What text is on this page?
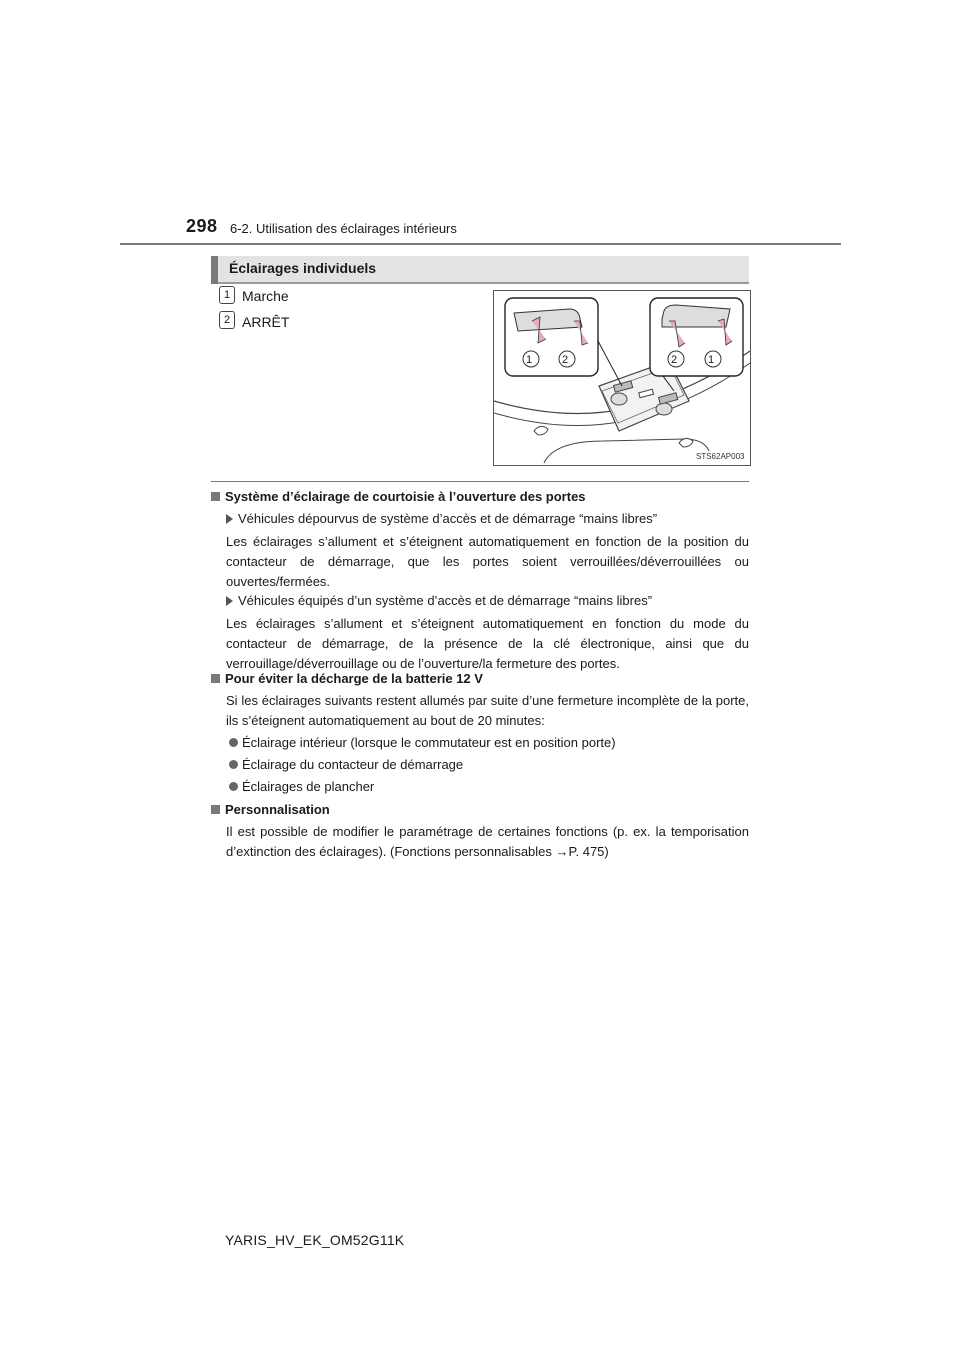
298 6-2. Utilisation des éclairages intérieurs
Éclairages individuels
1 Marche
2 ARRÊT
1	2	2	1
STS62AP003
Système d’éclairage de courtoisie à l’ouverture des portes
Véhicules dépourvus de système d’accès et de démarrage “mains libres”
Les éclairages s’allument et s’éteignent automatiquement en fonction de la position du contacteur de démarrage, que les portes soient verrouillées/déverrouillées ou ouvertes/fermées.
Véhicules équipés d’un système d’accès et de démarrage “mains libres”
Les éclairages s’allument et s’éteignent automatiquement en fonction du mode du contacteur de démarrage, de la présence de la clé électronique, ainsi que du verrouillage/déverrouillage ou de l’ouverture/la fermeture des portes.
Pour éviter la décharge de la batterie 12 V
Si les éclairages suivants restent allumés par suite d’une fermeture incomplète de la porte, ils s’éteignent automatiquement au bout de 20 minutes:
Éclairage intérieur (lorsque le commutateur est en position porte)
Éclairage du contacteur de démarrage
Éclairages de plancher
Personnalisation
Il est possible de modifier le paramétrage de certaines fonctions (p. ex. la temporisation d’extinction des éclairages). (Fonctions personnalisables →P. 475)
YARIS_HV_EK_OM52G11K
